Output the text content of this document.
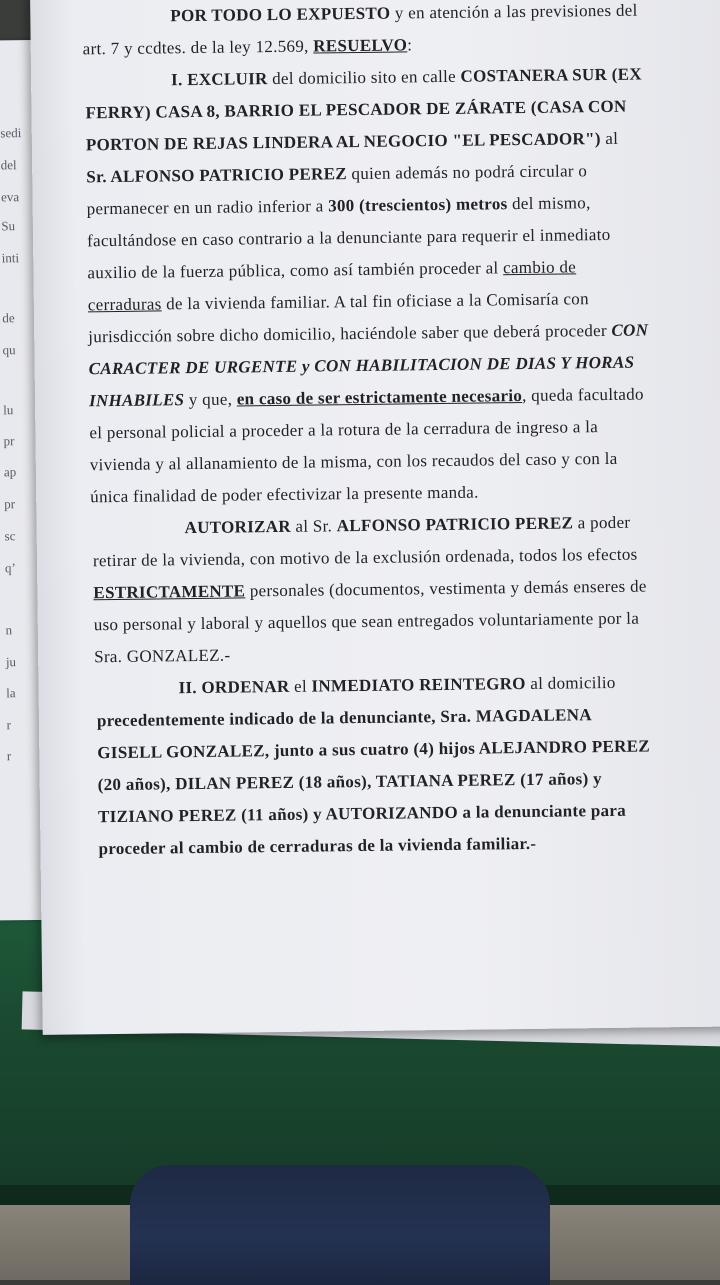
sedi
del
eva
Su
inti
de
qu
lu
pr
ap
pr
sc
q’
n
ju
la
r
r
POR TODO LO EXPUESTO y en atención a las previsiones del
art. 7 y ccdtes. de la ley 12.569, RESUELVO:
I. EXCLUIR del domicilio sito en calle COSTANERA SUR (EX
FERRY) CASA 8, BARRIO EL PESCADOR DE ZÁRATE (CASA CON
PORTON DE REJAS LINDERA AL NEGOCIO "EL PESCADOR") al
Sr. ALFONSO PATRICIO PEREZ quien además no podrá circular o
permanecer en un radio inferior a 300 (trescientos) metros del mismo,
facultándose en caso contrario a la denunciante para requerir el inmediato
auxilio de la fuerza pública, como así también proceder al cambio de
cerraduras de la vivienda familiar. A tal fin oficiase a la Comisaría con
jurisdicción sobre dicho domicilio, haciéndole saber que deberá proceder CON
CARACTER DE URGENTE y CON HABILITACION DE DIAS Y HORAS
INHABILES y que, en caso de ser estrictamente necesario, queda facultado
el personal policial a proceder a la rotura de la cerradura de ingreso a la
vivienda y al allanamiento de la misma, con los recaudos del caso y con la
única finalidad de poder efectivizar la presente manda.
AUTORIZAR al Sr. ALFONSO PATRICIO PEREZ a poder
retirar de la vivienda, con motivo de la exclusión ordenada, todos los efectos
ESTRICTAMENTE personales (documentos, vestimenta y demás enseres de
uso personal y laboral y aquellos que sean entregados voluntariamente por la
Sra. GONZALEZ.-
II. ORDENAR el INMEDIATO REINTEGRO al domicilio
precedentemente indicado de la denunciante, Sra. MAGDALENA
GISELL GONZALEZ, junto a sus cuatro (4) hijos ALEJANDRO PEREZ
(20 años), DILAN PEREZ (18 años), TATIANA PEREZ (17 años) y
TIZIANO PEREZ (11 años) y AUTORIZANDO a la denunciante para
proceder al cambio de cerraduras de la vivienda familiar.-
